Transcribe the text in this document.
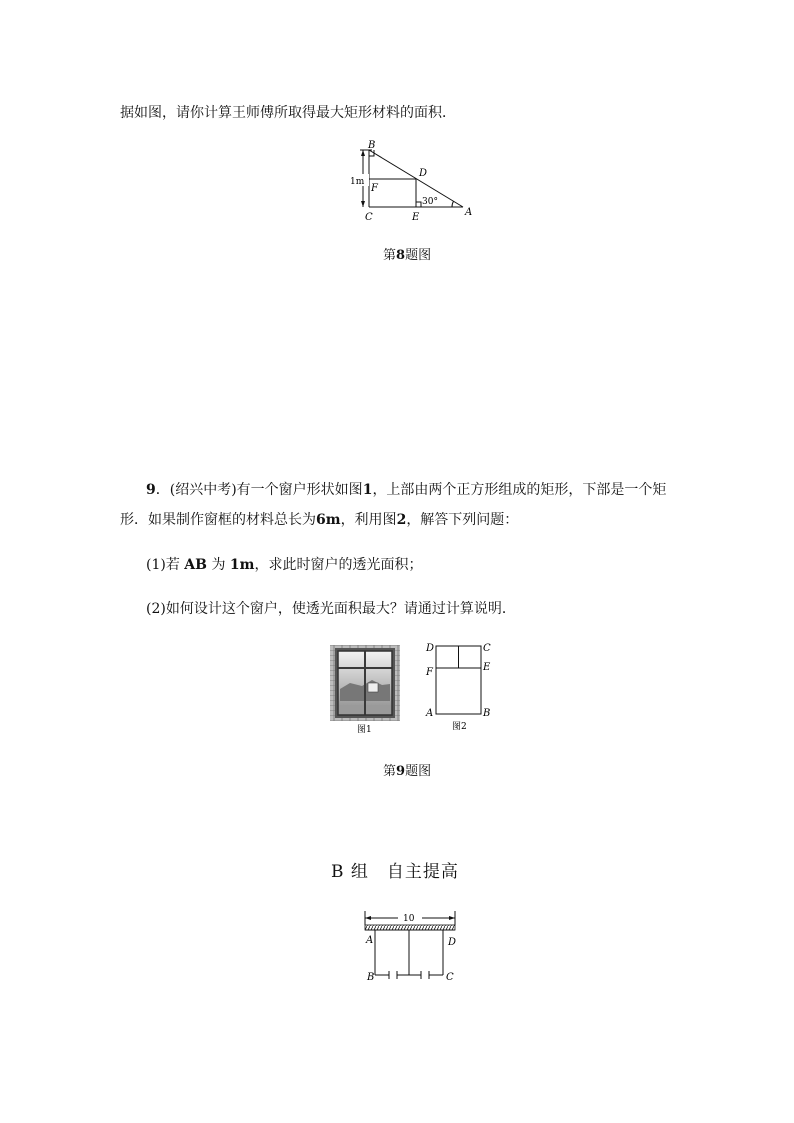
据如图，请你计算王师傅所取得最大矩形材料的面积．
1m
B
D
F
C	E	A
30°
第8题图
9．(绍兴中考)有一个窗户形状如图1，上部由两个正方形组成的矩形，下部是一个矩
形．如果制作窗框的材料总长为6m，利用图2，解答下列问题：
(1)若 AB 为 1m，求此时窗户的透光面积；
(2)如何设计这个窗户，使透光面积最大？请通过计算说明．
图1
D	C
F	E
A	B
图2
第9题图
B 组　自主提高
10
A	D
B	C
